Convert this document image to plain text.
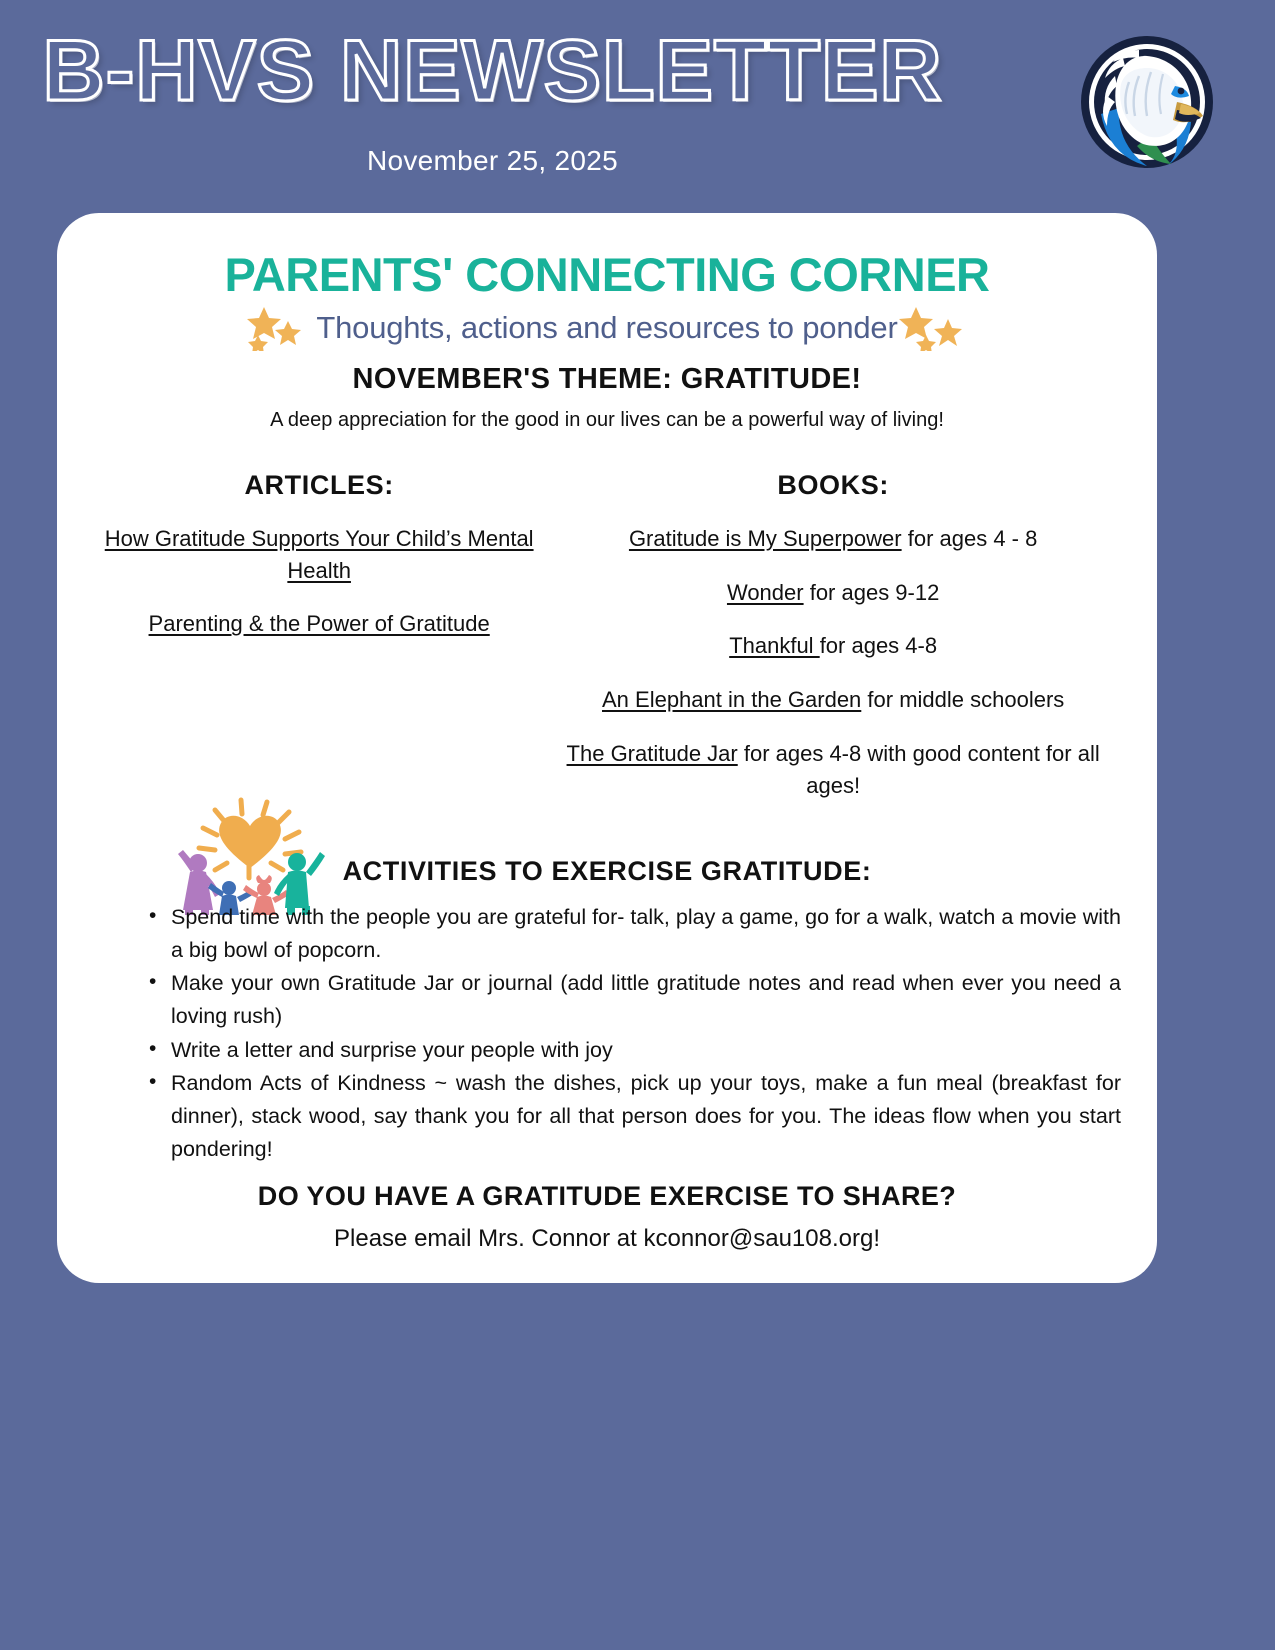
B-HVS NEWSLETTER
November 25, 2025
PARENTS' CONNECTING CORNER
Thoughts, actions and resources to ponder
NOVEMBER'S THEME: GRATITUDE!
A deep appreciation for the good in our lives can be a powerful way of living!
ARTICLES:
How Gratitude Supports Your Child’s Mental Health
Parenting & the Power of Gratitude
BOOKS:
Gratitude is My Superpower for ages 4 - 8
Wonder for ages 9-12
Thankful for ages 4-8
An Elephant in the Garden for middle schoolers
The Gratitude Jar for ages 4-8 with good content for all ages!
ACTIVITIES TO EXERCISE GRATITUDE:
• Spend time with the people you are grateful for- talk, play a game, go for a walk, watch a movie with a big bowl of popcorn.
• Make your own Gratitude Jar or journal (add little gratitude notes and read when ever you need a loving rush)
• Write a letter and surprise your people with joy
• Random Acts of Kindness ~ wash the dishes, pick up your toys, make a fun meal (breakfast for dinner), stack wood, say thank you for all that person does for you. The ideas flow when you start pondering!
DO YOU HAVE A GRATITUDE EXERCISE TO SHARE?
Please email Mrs. Connor at kconnor@sau108.org!
